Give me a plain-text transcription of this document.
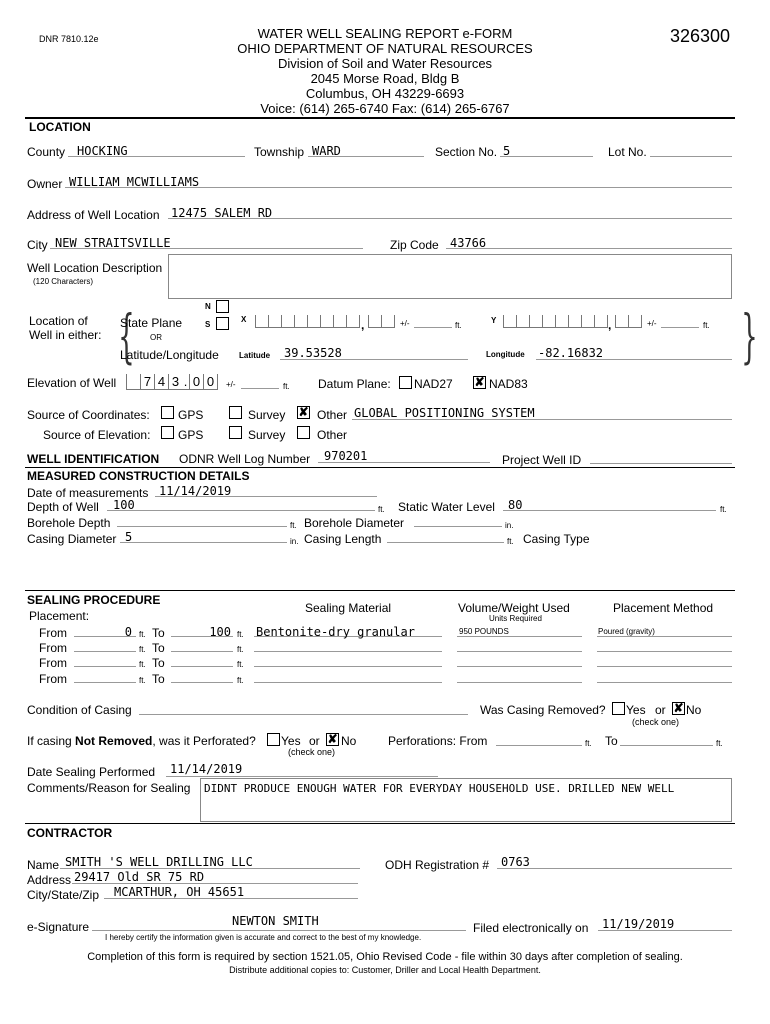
DNR 7810.12e	326300
WATER WELL SEALING REPORT e-FORM
OHIO DEPARTMENT OF NATURAL RESOURCES
Division of Soil and Water Resources
2045 Morse Road, Bldg B
Columbus, OH 43229-6693
Voice: (614) 265-6740 Fax: (614) 265-6767
LOCATION
County HOCKING	Township WARD	Section No. 5	Lot No.
Owner WILLIAM MCWILLIAMS
Address of Well Location 12475 SALEM RD
City NEW STRAITSVILLE	Zip Code 43766
Well Location Description
(120 Characters)
Location of
Well in either: {
State Plane
OR
Latitude/Longitude
N
S
X	,	+/-	ft.
Y	,	+/-	ft. }
Latitude 39.53528	Longitude -82.16832
Elevation of Well 7 4 3 . 0 0	+/-	ft. Datum Plane: NAD27 ✘ NAD83
Source of Coordinates: GPS	Survey ✘ Other GLOBAL POSITIONING SYSTEM
Source of Elevation: GPS	Survey	Other
WELL IDENTIFICATION ODNR Well Log Number 970201	Project Well ID
MEASURED CONSTRUCTION DETAILS
Date of measurements 11/14/2019
Depth of Well 100	ft. Static Water Level 80	ft.
Borehole Depth	ft. Borehole Diameter	in.
Casing Diameter 5	in. Casing Length	ft. Casing Type
SEALING PROCEDURE
Placement:
Sealing Material	Volume/Weight Used
Units Required
Placement Method
From	0 ft. To	100 ft. Bentonite-dry granular	950 POUNDS	Poured (gravity)
From	ft. To	ft.
From	ft. To	ft.
From	ft. To	ft.
Condition of Casing	Was Casing Removed? Yes or ✘ No
(check one)
If casing Not Removed, was it Perforated? Yes or ✘ No
(check one)
Perforations: From	ft. To	ft.
Date Sealing Performed 11/14/2019
Comments/Reason for Sealing	DIDNT PRODUCE ENOUGH WATER FOR EVERYDAY HOUSEHOLD USE. DRILLED NEW WELL
CONTRACTOR
Name SMITH 'S WELL DRILLING LLC	ODH Registration # 0763
Address 29417 Old SR 75 RD
City/State/Zip MCARTHUR, OH 45651
e-Signature	NEWTON SMITH
I hereby certify the information given is accurate and correct to the best of my knowledge.
Filed electronically on 11/19/2019
Completion of this form is required by section 1521.05, Ohio Revised Code - file within 30 days after completion of sealing.
Distribute additional copies to: Customer, Driller and Local Health Department.
